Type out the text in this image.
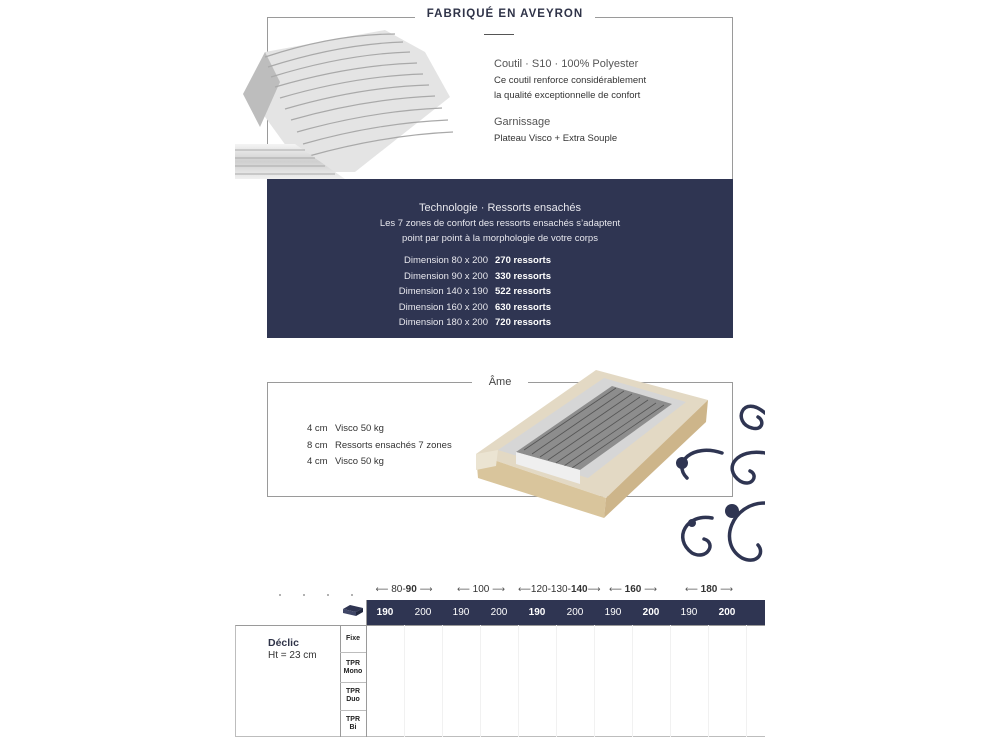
FABRIQUÉ EN AVEYRON
Coutil · S10 · 100% Polyester
Ce coutil renforce considérablement
la qualité exceptionnelle de confort
Garnissage
Plateau Visco + Extra Souple
Technologie · Ressorts ensachés
Les 7 zones de confort des ressorts ensachés s’adaptent
point par point à la morphologie de votre corps
Dimension 80 x 200 270 ressorts
Dimension 90 x 200 330 ressorts
Dimension 140 x 190 522 ressorts
Dimension 160 x 200 630 ressorts
Dimension 180 x 200 720 ressorts
Âme
4 cm Visco 50 kg
8 cm Ressorts ensachés 7 zones
4 cm Visco 50 kg
⟵ 80-90 ⟶	⟵ 100 ⟶	⟵120-130-140⟶ ⟵ 160 ⟶	⟵ 180 ⟶
190	200	190	200	190	200	190	200	190	200
Déclic
Ht = 23 cm
Fixe
TPR
Mono
TPR
Duo
TPR
Bi
